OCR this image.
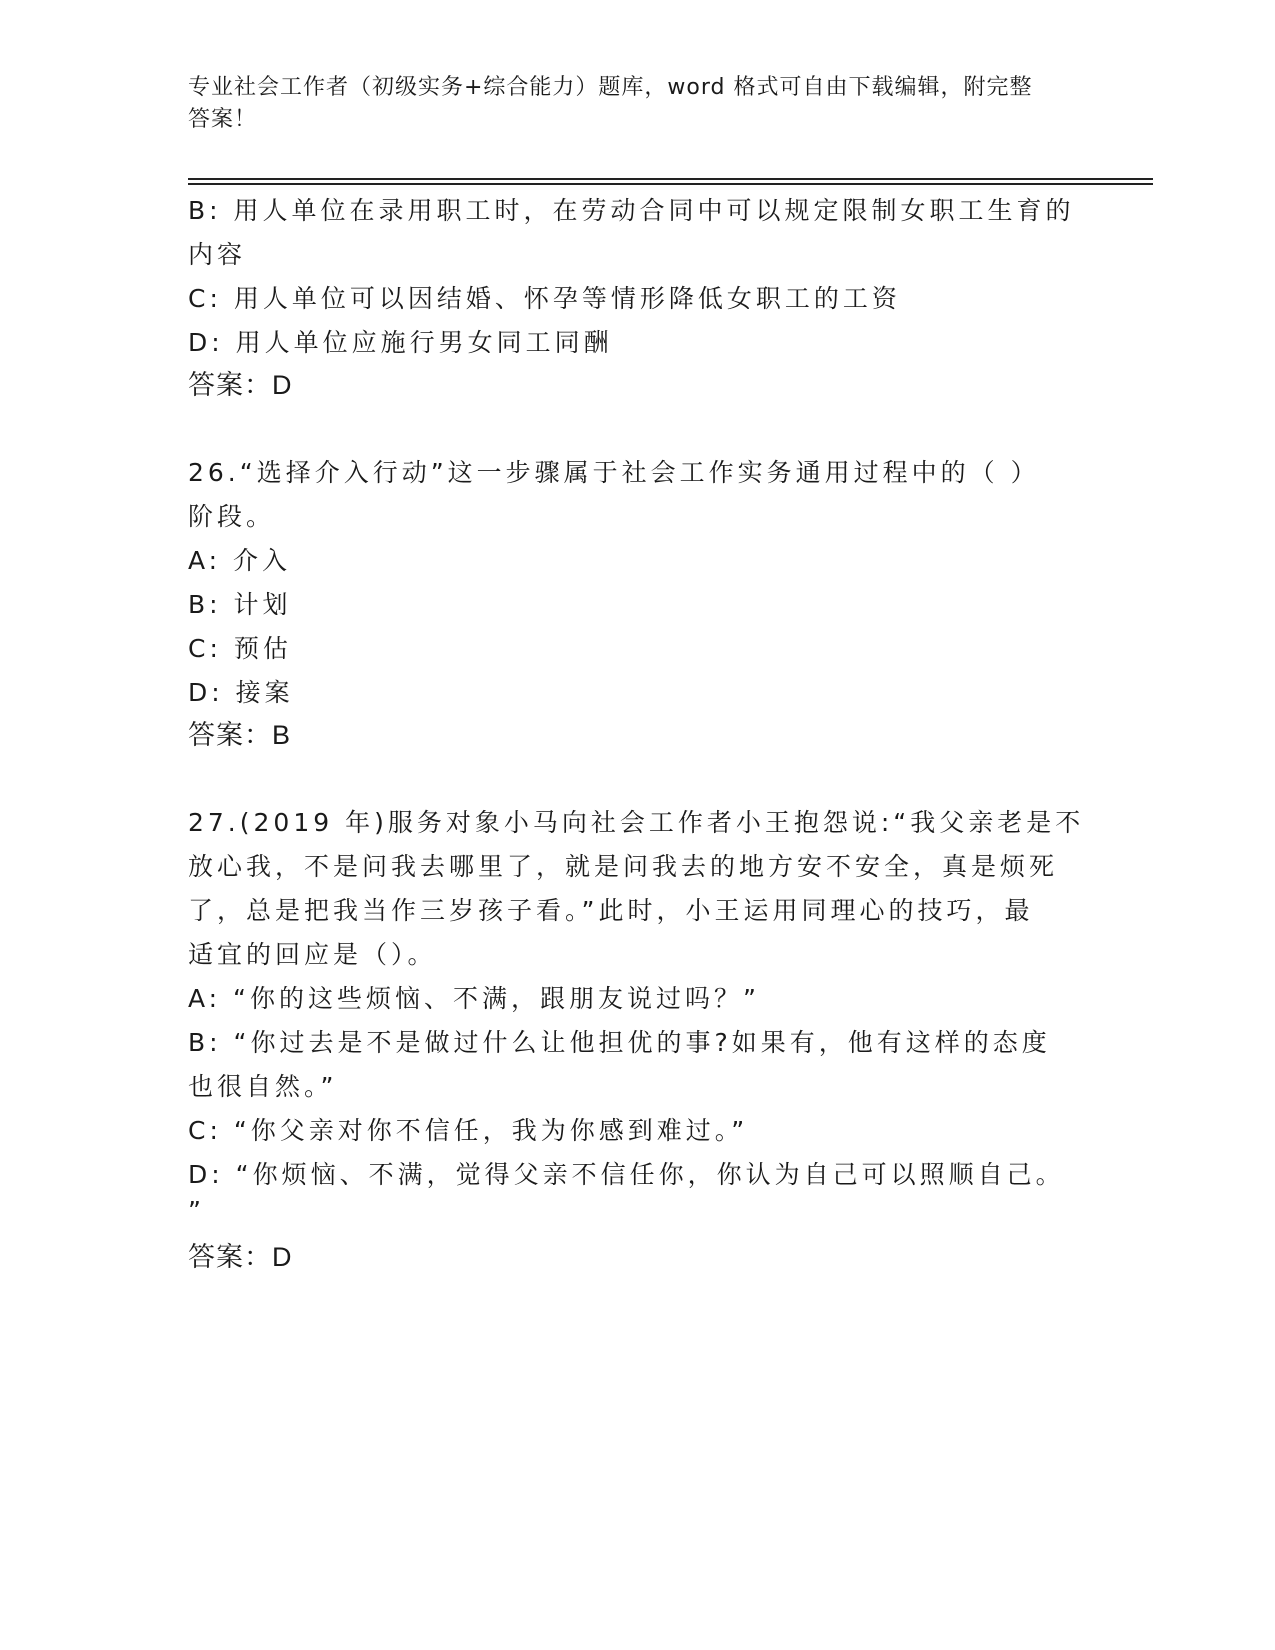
专业社会工作者（初级实务+综合能力）题库，word 格式可自由下载编辑，附完整
答案！
B: 用人单位在录用职工时，在劳动合同中可以规定限制女职工生育的
内容
C: 用人单位可以因结婚、怀孕等情形降低女职工的工资
D: 用人单位应施行男女同工同酬
答案：D
26.“选择介入行动”这一步骤属于社会工作实务通用过程中的（ ）
阶段。
A: 介入
B: 计划
C: 预估
D: 接案
答案：B
27.(2019 年)服务对象小马向社会工作者小王抱怨说:“我父亲老是不
放心我，不是问我去哪里了，就是问我去的地方安不安全，真是烦死
了，总是把我当作三岁孩子看。”此时，小王运用同理心的技巧，最
适宜的回应是（）。
A: “你的这些烦恼、不满，跟朋友说过吗？”
B: “你过去是不是做过什么让他担优的事?如果有，他有这样的态度
也很自然。”
C: “你父亲对你不信任，我为你感到难过。”
D: “你烦恼、不满，觉得父亲不信任你，你认为自己可以照顺自己。
”
答案：D
